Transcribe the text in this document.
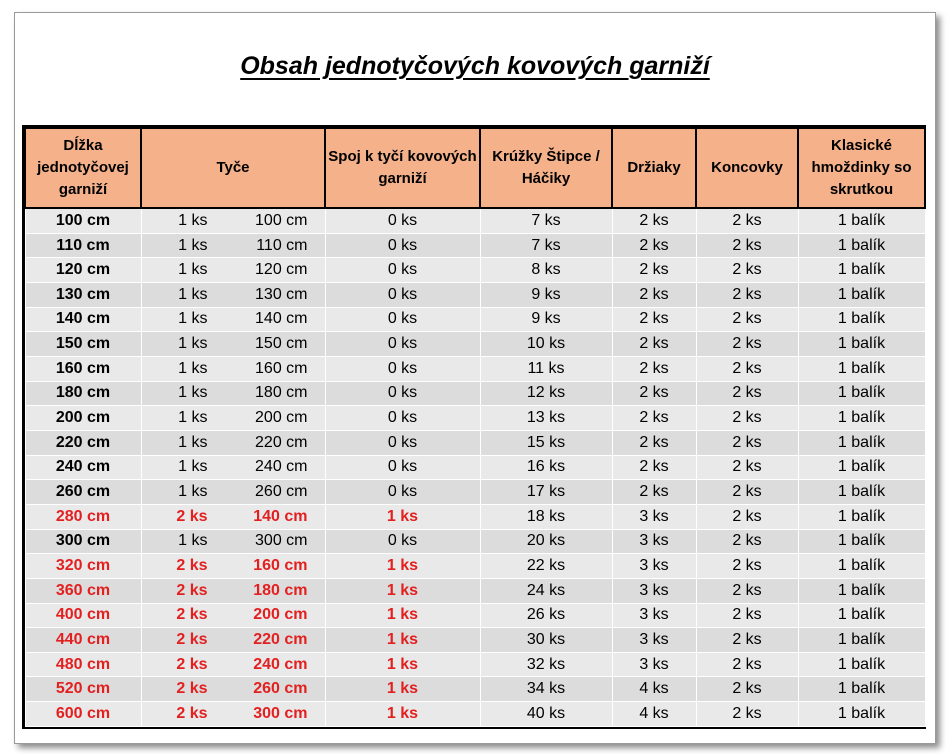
Obsah jednotyčových kovových garniží
Dĺžka jednotyčovej garniží	Tyče	Spoj k tyčí kovových garniží	Krúžky Štipce / Háčiky	Držiaky	Koncovky	Klasické hmoždinky so skrutkou
100 cm	1 ks 100 cm	0 ks	7 ks	2 ks	2 ks	1 balík
110 cm	1 ks 110 cm	0 ks	7 ks	2 ks	2 ks	1 balík
120 cm	1 ks 120 cm	0 ks	8 ks	2 ks	2 ks	1 balík
130 cm	1 ks 130 cm	0 ks	9 ks	2 ks	2 ks	1 balík
140 cm	1 ks 140 cm	0 ks	9 ks	2 ks	2 ks	1 balík
150 cm	1 ks 150 cm	0 ks	10 ks	2 ks	2 ks	1 balík
160 cm	1 ks 160 cm	0 ks	11 ks	2 ks	2 ks	1 balík
180 cm	1 ks 180 cm	0 ks	12 ks	2 ks	2 ks	1 balík
200 cm	1 ks 200 cm	0 ks	13 ks	2 ks	2 ks	1 balík
220 cm	1 ks 220 cm	0 ks	15 ks	2 ks	2 ks	1 balík
240 cm	1 ks 240 cm	0 ks	16 ks	2 ks	2 ks	1 balík
260 cm	1 ks 260 cm	0 ks	17 ks	2 ks	2 ks	1 balík
280 cm	2 ks 140 cm	1 ks	18 ks	3 ks	2 ks	1 balík
300 cm	1 ks 300 cm	0 ks	20 ks	3 ks	2 ks	1 balík
320 cm	2 ks 160 cm	1 ks	22 ks	3 ks	2 ks	1 balík
360 cm	2 ks 180 cm	1 ks	24 ks	3 ks	2 ks	1 balík
400 cm	2 ks 200 cm	1 ks	26 ks	3 ks	2 ks	1 balík
440 cm	2 ks 220 cm	1 ks	30 ks	3 ks	2 ks	1 balík
480 cm	2 ks 240 cm	1 ks	32 ks	3 ks	2 ks	1 balík
520 cm	2 ks 260 cm	1 ks	34 ks	4 ks	2 ks	1 balík
600 cm	2 ks 300 cm	1 ks	40 ks	4 ks	2 ks	1 balík
